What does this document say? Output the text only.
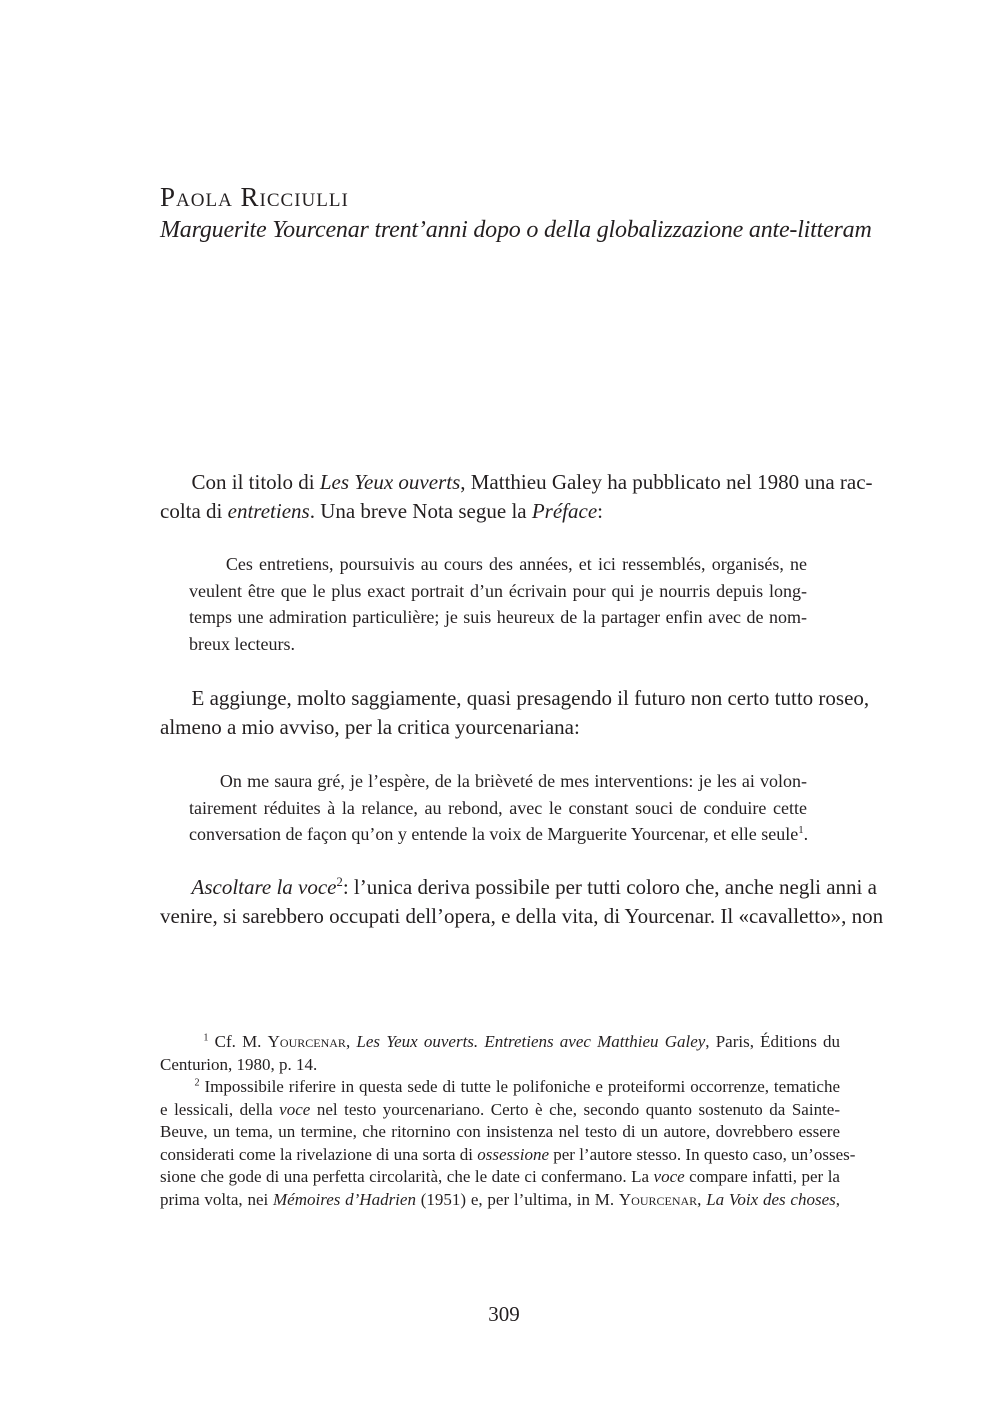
Paola Ricciulli
Marguerite Yourcenar trent’anni dopo o della globalizzazione ante-litteram
Con il titolo di Les Yeux ouverts, Matthieu Galey ha pubblicato nel 1980 una rac-
colta di entretiens. Una breve Nota segue la Préface:
Ces entretiens, poursuivis au cours des années, et ici ressemblés, organisés, ne
veulent être que le plus exact portrait d’un écrivain pour qui je nourris depuis long-
temps une admiration particulière; je suis heureux de la partager enfin avec de nom-
breux lecteurs.
E aggiunge, molto saggiamente, quasi presagendo il futuro non certo tutto roseo,
almeno a mio avviso, per la critica yourcenariana:
On me saura gré, je l’espère, de la brièveté de mes interventions: je les ai volon-
tairement réduites à la relance, au rebond, avec le constant souci de conduire cette
conversation de façon qu’on y entende la voix de Marguerite Yourcenar, et elle seule$^1$.
Ascoltare la voce$^2$: l’unica deriva possibile per tutti coloro che, anche negli anni a
venire, si sarebbero occupati dell’opera, e della vita, di Yourcenar. Il «cavalletto», non
$^1$ Cf. M. Yourcenar, Les Yeux ouverts. Entretiens avec Matthieu Galey, Paris, Éditions du
Centurion, 1980, p. 14.
$^2$ Impossibile riferire in questa sede di tutte le polifoniche e proteiformi occorrenze, tematiche
e lessicali, della voce nel testo yourcenariano. Certo è che, secondo quanto sostenuto da Sainte-
Beuve, un tema, un termine, che ritornino con insistenza nel testo di un autore, dovrebbero essere
considerati come la rivelazione di una sorta di ossessione per l’autore stesso. In questo caso, un’osses-
sione che gode di una perfetta circolarità, che le date ci confermano. La voce compare infatti, per la
prima volta, nei Mémoires d’Hadrien (1951) e, per l’ultima, in M. Yourcenar, La Voix des choses,
309
